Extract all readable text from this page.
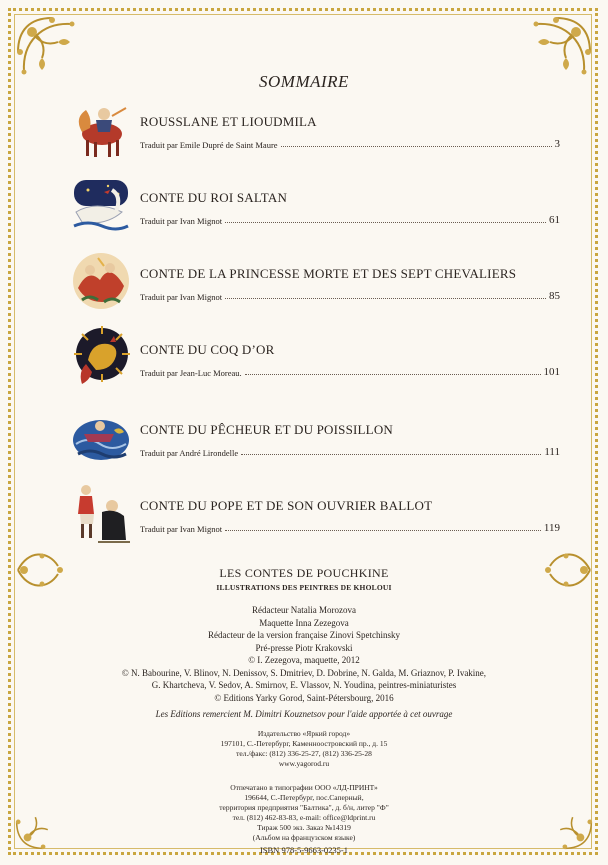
SOMMAIRE
ROUSSLANE ET LIOUDMILA
Traduit par Emile Dupré de Saint Maure	3
CONTE DU ROI SALTAN
Traduit par Ivan Mignot	61
CONTE DE LA PRINCESSE MORTE ET DES SEPT CHEVALIERS
Traduit par Ivan Mignot	85
CONTE DU COQ D’OR
Traduit par Jean-Luc Moreau.	101
CONTE DU PÊCHEUR ET DU POISSILLON
Traduit par André Lirondelle	111
CONTE DU POPE ET DE SON OUVRIER BALLOT
Traduit par Ivan Mignot	119
LES CONTES DE POUCHKINE
ILLUSTRATIONS DES PEINTRES DE KHOLOUI
Rédacteur Natalia Morozova
Maquette Inna Zezegova
Rédacteur de la version française Zinovi Spetchinsky
Pré-presse Piotr Krakovski
© I. Zezegova, maquette, 2012
© N. Babourine, V. Blinov, N. Denissov, S. Dmitriev, D. Dobrine, N. Galda, M. Griaznov, P. Ivakine,
G. Khartcheva, V. Sedov, A. Smirnov, E. Vlassov, N. Youdina, peintres-miniaturistes
© Editions Yarky Gorod, Saint-Pétersbourg, 2016
Les Editions remercient M. Dimitri Kouznetsov pour l'aide apportée à cet ouvrage
Издательство «Яркий город»
197101, С.-Петербург, Каменноостровский пр., д. 15
тел./факс: (812) 336-25-27, (812) 336-25-28
www.yagorod.ru
Отпечатано в типографии ООО «ЛД-ПРИНТ»
196644, С.-Петербург, пос.Саперный,
территория предприятия "Балтика", д. б/н, литер "Ф"
тел. (812) 462-83-83, e-mail: office@ldprint.ru
Тираж 500 экз. Заказ №14319
(Альбом на французском языке)
ISBN 978-5-9663-0235-1
